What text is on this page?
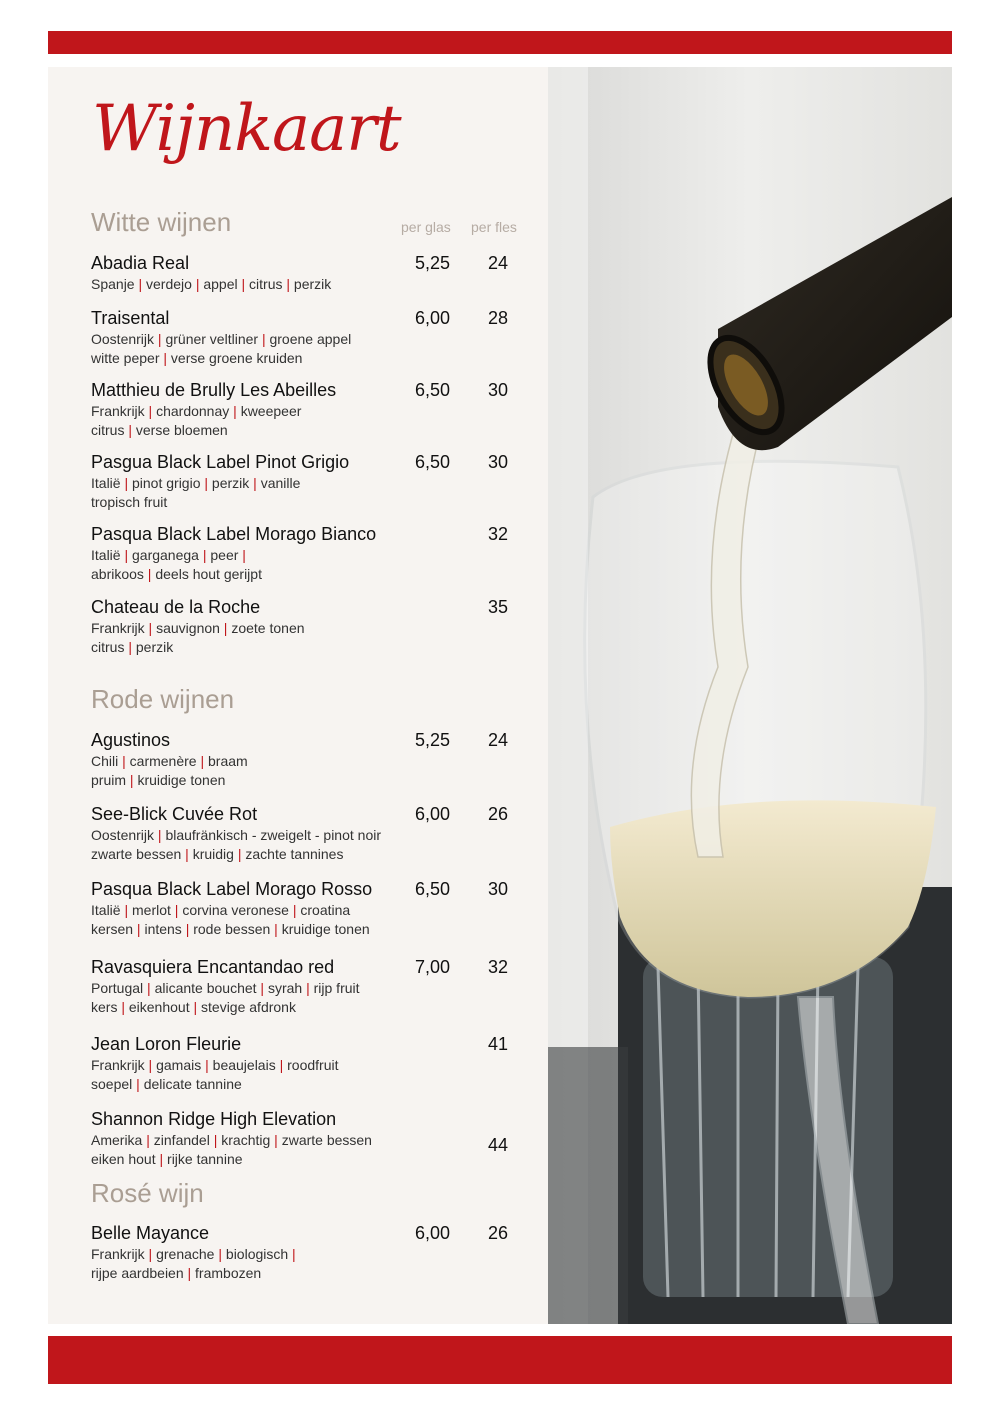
Wijnkaart
per glas per fles
Witte wijnen
Rode wijnen
Rosé wijn
Abadia Real
Spanje | verdejo | appel | citrus | perzik
5,25	24
Traisental
Oostenrijk | grüner veltliner | groene appel
witte peper | verse groene kruiden
6,00	28
Matthieu de Brully Les Abeilles
Frankrijk | chardonnay | kweepeer
citrus | verse bloemen
6,50	30
Pasgua Black Label Pinot Grigio
Italië | pinot grigio | perzik | vanille
tropisch fruit
6,50	30
Pasqua Black Label Morago Bianco
Italië | garganega | peer |
abrikoos | deels hout gerijpt
32
Chateau de la Roche
Frankrijk | sauvignon | zoete tonen
citrus | perzik
35
Agustinos
Chili | carmenère | braam
pruim | kruidige tonen
5,25	24
See-Blick Cuvée Rot
Oostenrijk | blaufränkisch - zweigelt - pinot noir
zwarte bessen | kruidig | zachte tannines
6,00	26
Pasqua Black Label Morago Rosso
Italië | merlot | corvina veronese | croatina
kersen | intens | rode bessen | kruidige tonen
6,50	30
Ravasquiera Encantandao red
Portugal | alicante bouchet | syrah | rijp fruit
kers | eikenhout | stevige afdronk
7,00	32
Jean Loron Fleurie
Frankrijk | gamais | beaujelais | roodfruit
soepel | delicate tannine
41
Shannon Ridge High Elevation
Amerika | zinfandel | krachtig | zwarte bessen
eiken hout | rijke tannine
44
Belle Mayance
Frankrijk | grenache | biologisch |
rijpe aardbeien | frambozen
6,00	26
